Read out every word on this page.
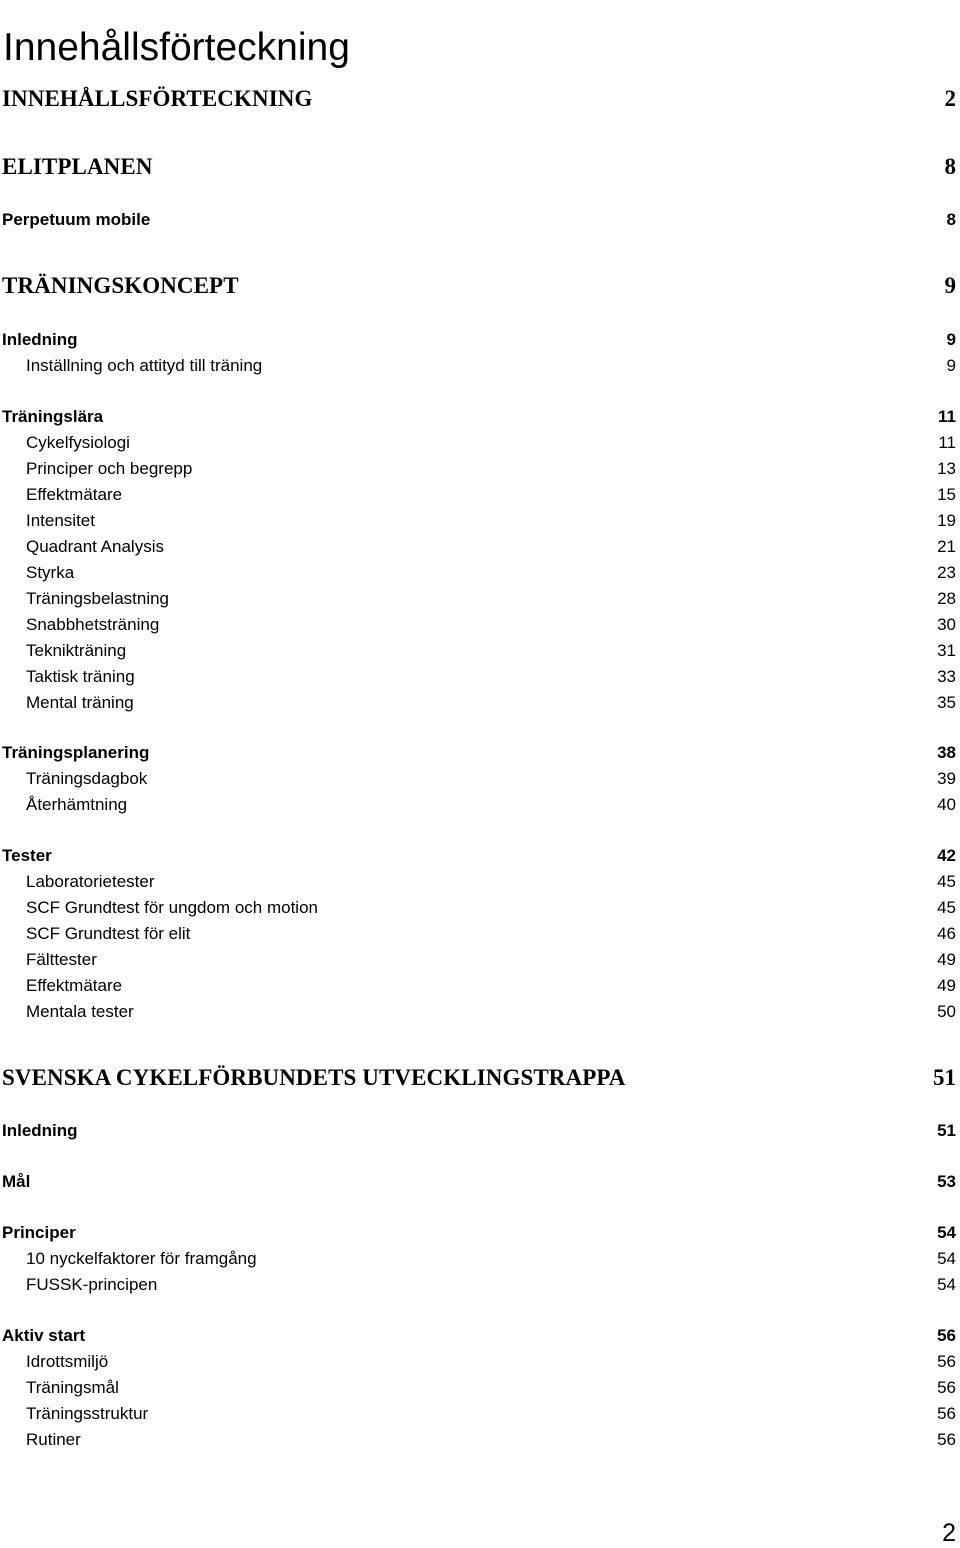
Innehållsförteckning
INNEHÅLLSFÖRTECKNING	2
ELITPLANEN	8
Perpetuum mobile	8
TRÄNINGSKONCEPT	9
Inledning	9
Inställning och attityd till träning	9
Träningslära	11
Cykelfysiologi	11
Principer och begrepp	13
Effektmätare	15
Intensitet	19
Quadrant Analysis	21
Styrka	23
Träningsbelastning	28
Snabbhetsträning	30
Teknikträning	31
Taktisk träning	33
Mental träning	35
Träningsplanering	38
Träningsdagbok	39
Återhämtning	40
Tester	42
Laboratorietester	45
SCF Grundtest för ungdom och motion	45
SCF Grundtest för elit	46
Fälttester	49
Effektmätare	49
Mentala tester	50
SVENSKA CYKELFÖRBUNDETS UTVECKLINGSTRAPPA	51
Inledning	51
Mål	53
Principer	54
10 nyckelfaktorer för framgång	54
FUSSK-principen	54
Aktiv start	56
Idrottsmiljö	56
Träningsmål	56
Träningsstruktur	56
Rutiner	56
2
